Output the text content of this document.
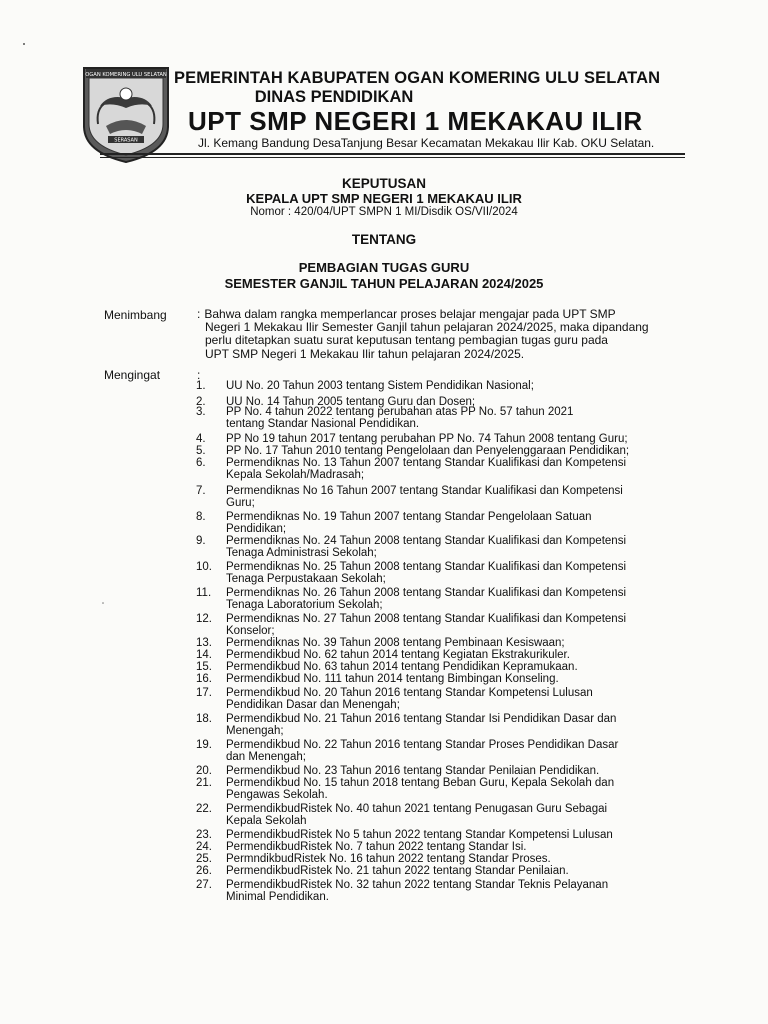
OGAN KOMERING ULU SELATAN
SERASAN
PEMERINTAH KABUPATEN OGAN KOMERING ULU SELATAN
DINAS PENDIDIKAN
UPT SMP NEGERI 1 MEKAKAU ILIR
Jl. Kemang Bandung DesaTanjung Besar Kecamatan Mekakau Ilir Kab. OKU Selatan.
KEPUTUSAN
KEPALA UPT SMP NEGERI 1 MEKAKAU ILIR
Nomor : 420/04/UPT SMPN 1 MI/Disdik OS/VII/2024
TENTANG
PEMBAGIAN TUGAS GURU
SEMESTER GANJIL TAHUN PELAJARAN 2024/2025
Menimbang	: Bahwa dalam rangka memperlancar proses belajar mengajar pada UPT SMP
Negeri 1 Mekakau Ilir Semester Ganjil tahun pelajaran 2024/2025, maka dipandang
perlu ditetapkan suatu surat keputusan tentang pembagian tugas guru pada
UPT SMP Negeri 1 Mekakau Ilir tahun pelajaran 2024/2025.
Mengingat	:
1.	UU No. 20 Tahun 2003 tentang Sistem Pendidikan Nasional;
2.	UU No. 14 Tahun 2005 tentang Guru dan Dosen;
3.	PP No. 4 tahun 2022 tentang perubahan atas PP No. 57 tahun 2021
tentang Standar Nasional Pendidikan.
4.	PP No 19 tahun 2017 tentang perubahan PP No. 74 Tahun 2008 tentang Guru;
5.	PP No. 17 Tahun 2010 tentang Pengelolaan dan Penyelenggaraan Pendidikan;
6.	Permendiknas No. 13 Tahun 2007 tentang Standar Kualifikasi dan Kompetensi
Kepala Sekolah/Madrasah;
7.	Permendiknas No 16 Tahun 2007 tentang Standar Kualifikasi dan Kompetensi
Guru;
8.	Permendiknas No. 19 Tahun 2007 tentang Standar Pengelolaan Satuan
Pendidikan;
9.	Permendiknas No. 24 Tahun 2008 tentang Standar Kualifikasi dan Kompetensi
Tenaga Administrasi Sekolah;
10.	Permendiknas No. 25 Tahun 2008 tentang Standar Kualifikasi dan Kompetensi
Tenaga Perpustakaan Sekolah;
11.	Permendiknas No. 26 Tahun 2008 tentang Standar Kualifikasi dan Kompetensi
Tenaga Laboratorium Sekolah;
12.	Permendiknas No. 27 Tahun 2008 tentang Standar Kualifikasi dan Kompetensi
Konselor;
13.	Permendiknas No. 39 Tahun 2008 tentang Pembinaan Kesiswaan;
14.	Permendikbud No. 62 tahun 2014 tentang Kegiatan Ekstrakurikuler.
15.	Permendikbud No. 63 tahun 2014 tentang Pendidikan Kepramukaan.
16.	Permendikbud No. 111 tahun 2014 tentang Bimbingan Konseling.
17.	Permendikbud No. 20 Tahun 2016 tentang Standar Kompetensi Lulusan
Pendidikan Dasar dan Menengah;
18.	Permendikbud No. 21 Tahun 2016 tentang Standar Isi Pendidikan Dasar dan
Menengah;
19.	Permendikbud No. 22 Tahun 2016 tentang Standar Proses Pendidikan Dasar
dan Menengah;
20.	Permendikbud No. 23 Tahun 2016 tentang Standar Penilaian Pendidikan.
21.	Permendikbud No. 15 tahun 2018 tentang Beban Guru, Kepala Sekolah dan
Pengawas Sekolah.
22.	PermendikbudRistek No. 40 tahun 2021 tentang Penugasan Guru Sebagai
Kepala Sekolah
23.	PermendikbudRistek No 5 tahun 2022 tentang Standar Kompetensi Lulusan
24.	PermendikbudRistek No. 7 tahun 2022 tentang Standar Isi.
25.	PermndikbudRistek No. 16 tahun 2022 tentang Standar Proses.
26.	PermendikbudRistek No. 21 tahun 2022 tentang Standar Penilaian.
27.	PermendikbudRistek No. 32 tahun 2022 tentang Standar Teknis Pelayanan
Minimal Pendidikan.
